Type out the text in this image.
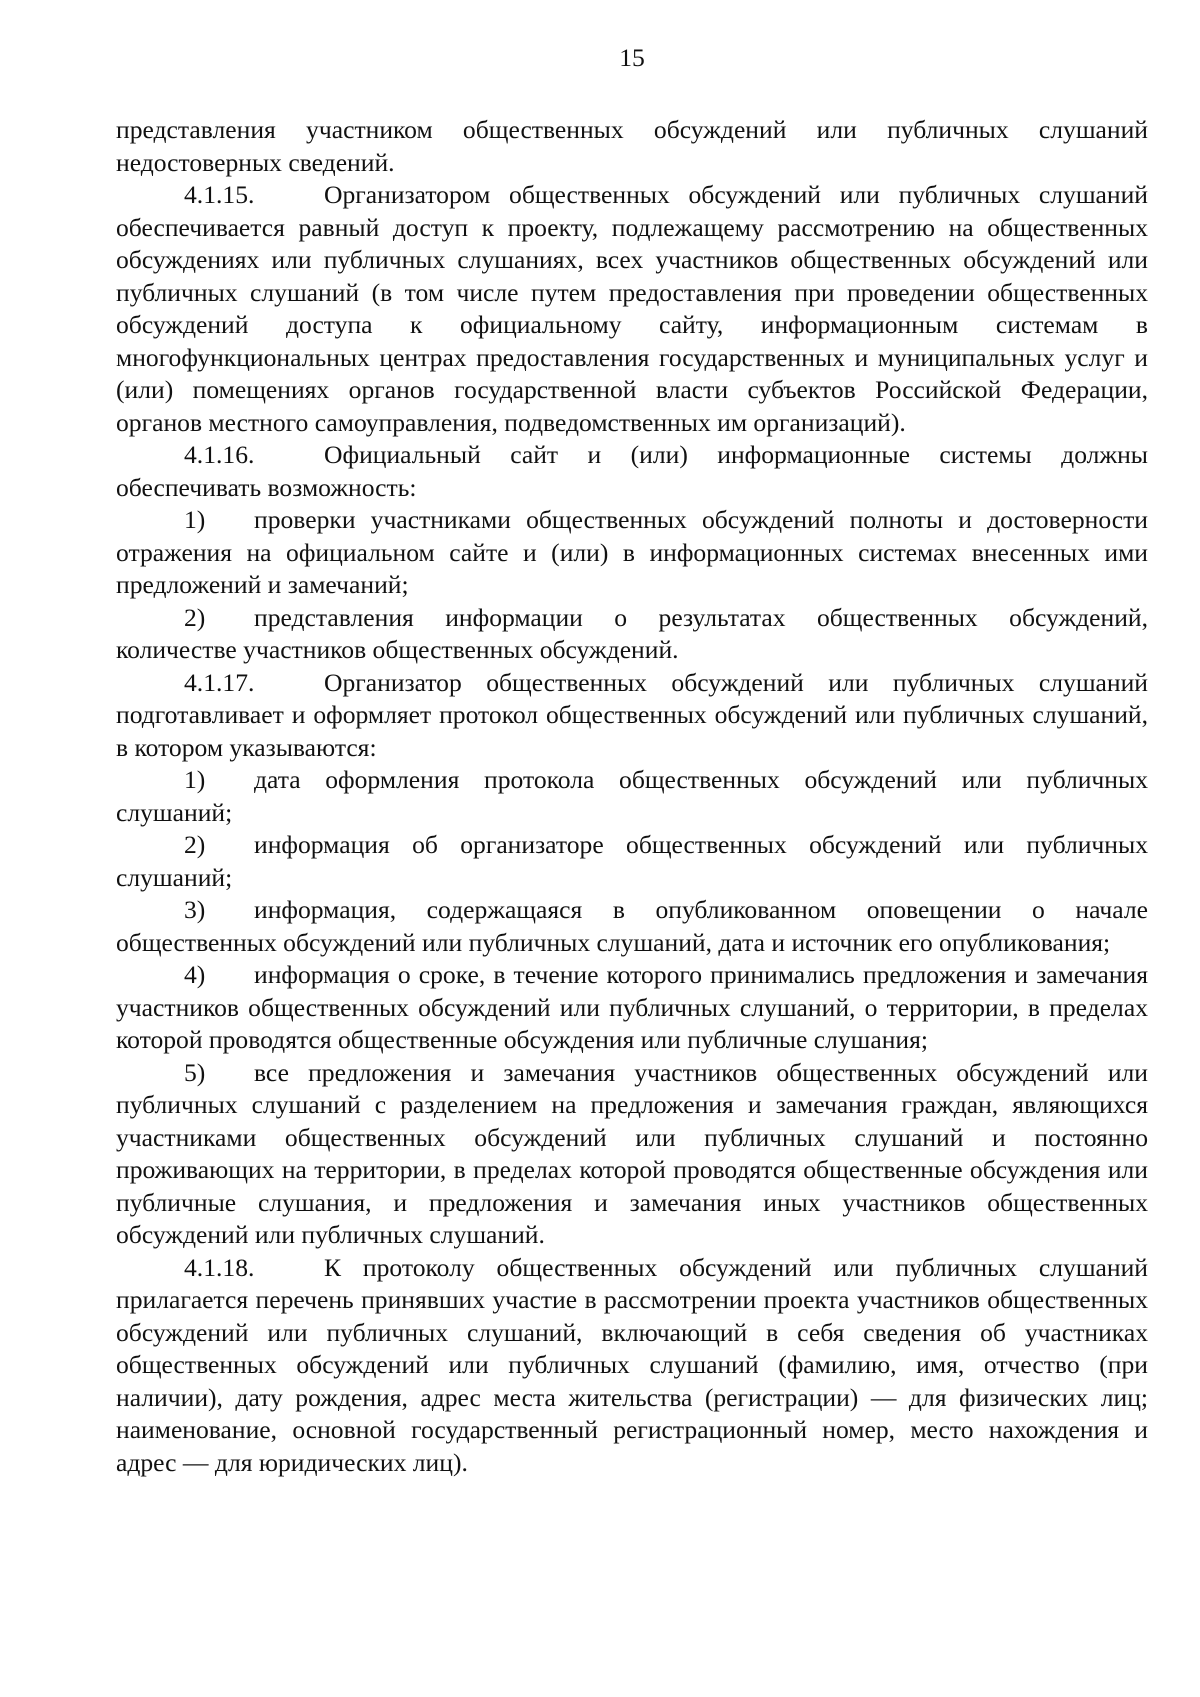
15

представления участником общественных обсуждений или публичных слушаний недостоверных сведений.

4.1.15.	Организатором общественных обсуждений или публичных слушаний обеспечивается равный доступ к проекту, подлежащему рассмотрению на общественных обсуждениях или публичных слушаниях, всех участников общественных обсуждений или публичных слушаний (в том числе путем предоставления при проведении общественных обсуждений доступа к официальному сайту, информационным системам в многофункциональных центрах предоставления государственных и муниципальных услуг и (или) помещениях органов государственной власти субъектов Российской Федерации, органов местного самоуправления, подведомственных им организаций).

4.1.16.	Официальный сайт и (или) информационные системы должны обеспечивать возможность:

1) проверки участниками общественных обсуждений полноты и достоверности отражения на официальном сайте и (или) в информационных системах внесенных ими предложений и замечаний;

2) представления информации о результатах общественных обсуждений, количестве участников общественных обсуждений.

4.1.17.	Организатор общественных обсуждений или публичных слушаний подготавливает и оформляет протокол общественных обсуждений или публичных слушаний, в котором указываются:

1) дата оформления протокола общественных обсуждений или публичных слушаний;

2) информация об организаторе общественных обсуждений или публичных слушаний;

3) информация, содержащаяся в опубликованном оповещении о начале общественных обсуждений или публичных слушаний, дата и источник его опубликования;

4) информация о сроке, в течение которого принимались предложения и замечания участников общественных обсуждений или публичных слушаний, о территории, в пределах которой проводятся общественные обсуждения или публичные слушания;

5) все предложения и замечания участников общественных обсуждений или публичных слушаний с разделением на предложения и замечания граждан, являющихся участниками общественных обсуждений или публичных слушаний и постоянно проживающих на территории, в пределах которой проводятся общественные обсуждения или публичные слушания, и предложения и замечания иных участников общественных обсуждений или публичных слушаний.

4.1.18.	К протоколу общественных обсуждений или публичных слушаний прилагается перечень принявших участие в рассмотрении проекта участников общественных обсуждений или публичных слушаний, включающий в себя сведения об участниках общественных обсуждений или публичных слушаний (фамилию, имя, отчество (при наличии), дату рождения, адрес места жительства (регистрации) — для физических лиц; наименование, основной государственный регистрационный номер, место нахождения и адрес — для юридических лиц).
